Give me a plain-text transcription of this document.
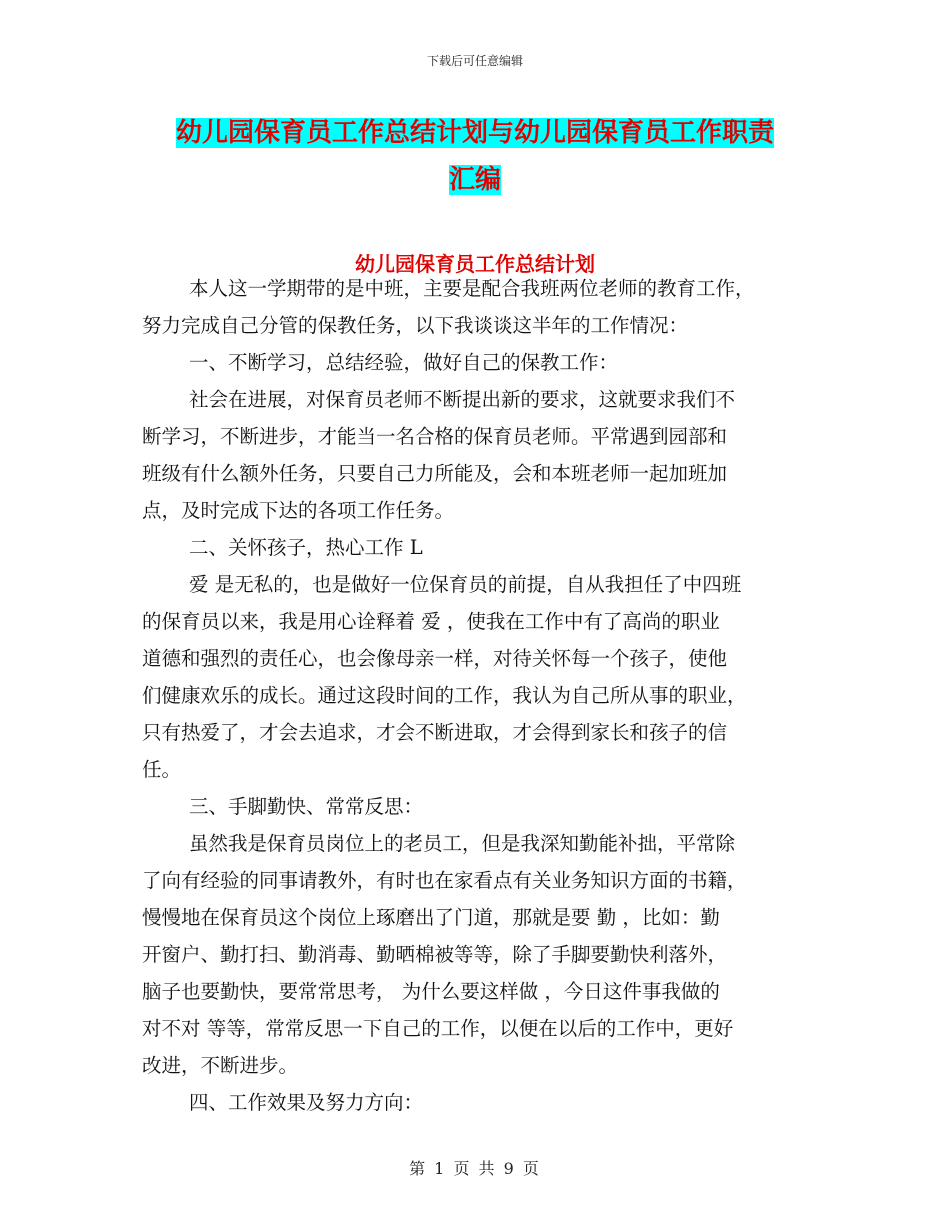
下载后可任意编辑
幼儿园保育员工作总结计划与幼儿园保育员工作职责
汇编
幼儿园保育员工作总结计划
本人这一学期带的是中班，主要是配合我班两位老师的教育工作，
努力完成自己分管的保教任务，以下我谈谈这半年的工作情况：
一、不断学习，总结经验，做好自己的保教工作：
社会在进展，对保育员老师不断提出新的要求，这就要求我们不
断学习，不断进步，才能当一名合格的保育员老师。平常遇到园部和
班级有什么额外任务，只要自己力所能及，会和本班老师一起加班加
点，及时完成下达的各项工作任务。
二、关怀孩子，热心工作 L
爱 是无私的，也是做好一位保育员的前提，自从我担任了中四班
的保育员以来，我是用心诠释着 爱 ，使我在工作中有了高尚的职业
道德和强烈的责任心，也会像母亲一样，对待关怀每一个孩子，使他
们健康欢乐的成长。通过这段时间的工作，我认为自己所从事的职业，
只有热爱了，才会去追求，才会不断进取，才会得到家长和孩子的信
任。
三、手脚勤快、常常反思：
虽然我是保育员岗位上的老员工，但是我深知勤能补拙，平常除
了向有经验的同事请教外，有时也在家看点有关业务知识方面的书籍，
慢慢地在保育员这个岗位上琢磨出了门道，那就是要 勤 ，比如：勤
开窗户、勤打扫、勤消毒、勤晒棉被等等，除了手脚要勤快利落外，
脑子也要勤快，要常常思考， 为什么要这样做 ，今日这件事我做的
对不对 等等，常常反思一下自己的工作，以便在以后的工作中，更好
改进，不断进步。
四、工作效果及努力方向：
第 1 页 共 9 页
